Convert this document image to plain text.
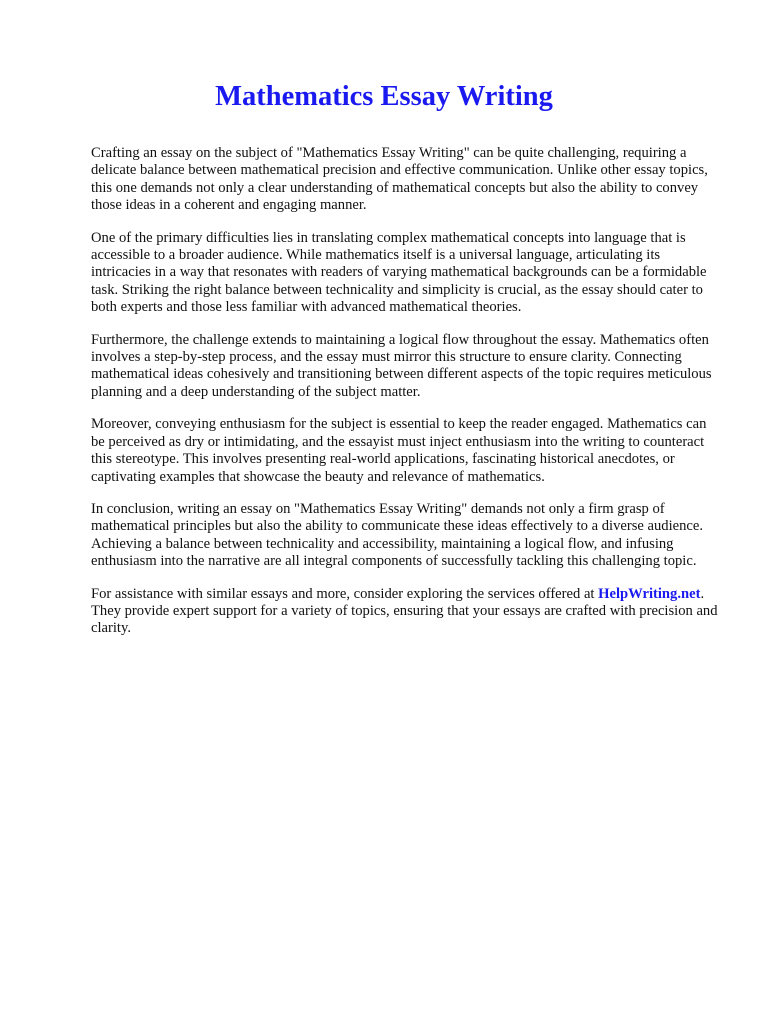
Mathematics Essay Writing

Crafting an essay on the subject of "Mathematics Essay Writing" can be quite challenging, requiring a delicate balance between mathematical precision and effective communication. Unlike other essay topics, this one demands not only a clear understanding of mathematical concepts but also the ability to convey those ideas in a coherent and engaging manner.

One of the primary difficulties lies in translating complex mathematical concepts into language that is accessible to a broader audience. While mathematics itself is a universal language, articulating its intricacies in a way that resonates with readers of varying mathematical backgrounds can be a formidable task. Striking the right balance between technicality and simplicity is crucial, as the essay should cater to both experts and those less familiar with advanced mathematical theories.

Furthermore, the challenge extends to maintaining a logical flow throughout the essay. Mathematics often involves a step-by-step process, and the essay must mirror this structure to ensure clarity. Connecting mathematical ideas cohesively and transitioning between different aspects of the topic requires meticulous planning and a deep understanding of the subject matter.

Moreover, conveying enthusiasm for the subject is essential to keep the reader engaged. Mathematics can be perceived as dry or intimidating, and the essayist must inject enthusiasm into the writing to counteract this stereotype. This involves presenting real-world applications, fascinating historical anecdotes, or captivating examples that showcase the beauty and relevance of mathematics.

In conclusion, writing an essay on "Mathematics Essay Writing" demands not only a firm grasp of mathematical principles but also the ability to communicate these ideas effectively to a diverse audience. Achieving a balance between technicality and accessibility, maintaining a logical flow, and infusing enthusiasm into the narrative are all integral components of successfully tackling this challenging topic.

For assistance with similar essays and more, consider exploring the services offered at HelpWriting.net. They provide expert support for a variety of topics, ensuring that your essays are crafted with precision and clarity.
